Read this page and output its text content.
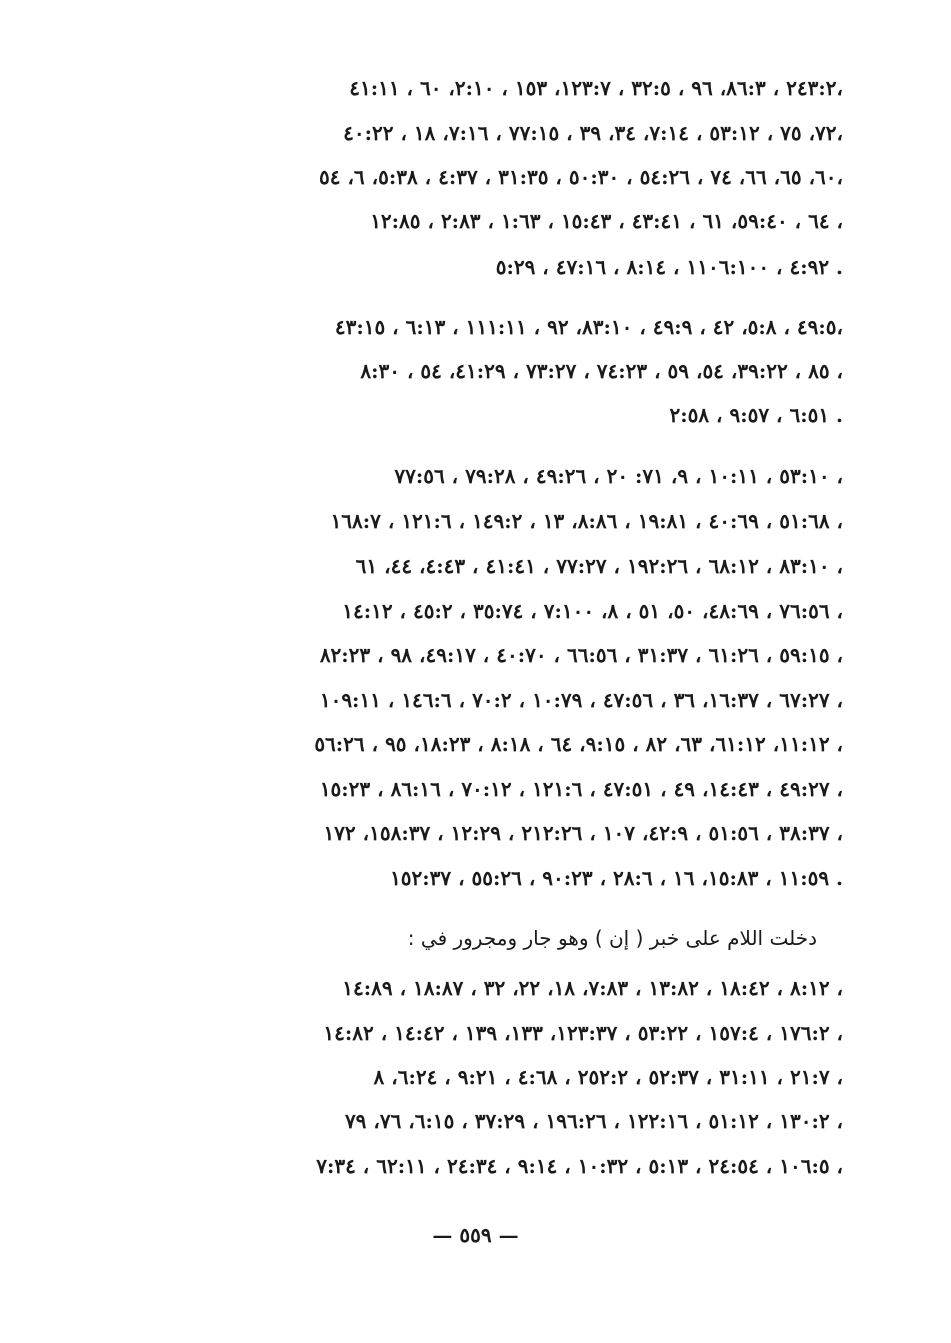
٢٤٣:٢ ، ٨٦:٣، ٩٦ ، ٣٢:٥ ، ١٢٣:٧، ١٥٣ ، ٢:١٠، ٦٠ ، ٤١:١١،
٧٢، ٧٥ ، ٥٣:١٢ ، ٧:١٤، ٣٤، ٣٩ ، ٧٧:١٥ ، ٧:١٦، ١٨ ، ٤٠:٢٢،
٦٠، ٦٥، ٦٦، ٧٤ ، ٥٤:٢٦ ، ٥٠:٣٠ ، ٣١:٣٥ ، ٤:٣٧ ، ٥:٣٨، ٦، ٥٤،
٦٤ ، ٥٩:٤٠، ٦١ ، ٤٣:٤١ ، ١٥:٤٣ ، ١:٦٣ ، ٢:٨٣ ، ١٢:٨٥ ،
٤:٩٢ ، ١١٠٦:١٠٠ ، ٨:١٤ ، ٤٧:١٦ ، ٥:٢٩ .
٤٩:٥ ، ٥:٨، ٤٢ ، ٤٩:٩ ، ٨٣:١٠، ٩٢ ، ١١١:١١ ، ٦:١٣ ، ٤٣:١٥،
٨٥ ، ٣٩:٢٢، ٥٤، ٥٩ ، ٧٤:٢٣ ، ٧٣:٢٧ ، ٤١:٢٩، ٥٤ ، ٨:٣٠ ،
٦:٥١ ، ٩:٥٧ ، ٢:٥٨ .
٥٣:١٠ ، ١٠:١١ ، ٩، ٧١: ٢٠ ، ٤٩:٢٦ ، ٧٩:٢٨ ، ٧٧:٥٦ ،
٥١:٦٨ ، ٤٠:٦٩ ، ١٩:٨١ ، ٨:٨٦، ١٣ ، ١٤٩:٢ ، ١٢١:٦ ، ١٦٨:٧ ،
٨٣:١٠ ، ٦٨:١٢ ، ١٩٢:٢٦ ، ٧٧:٢٧ ، ٤١:٤١ ، ٤:٤٣، ٤٤، ٦١ ،
٧٦:٥٦ ، ٤٨:٦٩، ٥٠، ٥١ ، ٨، ٧:١٠٠ ، ٣٥:٧٤ ، ٤٥:٢ ، ١٤:١٢ ،
٥٩:١٥ ، ٦١:٢٦ ، ٣١:٣٧ ، ٦٦:٥٦ ، ٤٠:٧٠ ، ٤٩:١٧، ٩٨ ، ٨٢:٢٣ ،
٦٧:٢٧ ، ١٦:٣٧، ٣٦ ، ٤٧:٥٦ ، ١٠:٧٩ ، ٧٠:٢ ، ١٤٦:٦ ، ١٠٩:١١ ،
١١:١٢، ٦١:١٢، ٦٣، ٨٢ ، ٩:١٥، ٦٤ ، ٨:١٨ ، ١٨:٢٣، ٩٥ ، ٥٦:٢٦ ،
٤٩:٢٧ ، ١٤:٤٣، ٤٩ ، ٤٧:٥١ ، ١٢١:٦ ، ٧٠:١٢ ، ٨٦:١٦ ، ١٥:٢٣ ،
٣٨:٣٧ ، ٥١:٥٦ ، ٤٢:٩، ١٠٧ ، ٢١٢:٢٦ ، ١٢:٢٩ ، ١٥٨:٣٧، ١٧٢ ،
١١:٥٩ ، ١٥:٨٣، ١٦ ، ٢٨:٦ ، ٩٠:٢٣ ، ٥٥:٢٦ ، ١٥٢:٣٧ .
دخلت اللام على خبر ( إن ) وهو جار ومجرور في :
٨:١٢ ، ١٨:٤٢ ، ١٣:٨٢ ، ٧:٨٣، ١٨، ٢٢، ٣٢ ، ١٨:٨٧ ، ١٤:٨٩ ،
١٧٦:٢ ، ١٥٧:٤ ، ٥٣:٢٢ ، ١٢٣:٣٧، ١٣٣، ١٣٩ ، ١٤:٤٢ ، ١٤:٨٢ ،
٢١:٧ ، ٣١:١١ ، ٥٢:٣٧ ، ٢٥٢:٢ ، ٤:٦٨ ، ٩:٢١ ، ٦:٢٤، ٨ ،
١٣٠:٢ ، ٥١:١٢ ، ١٢٢:١٦ ، ١٩٦:٢٦ ، ٣٧:٢٩ ، ٦:١٥، ٧٦، ٧٩ ،
١٠٦:٥ ، ٢٤:٥٤ ، ٥:١٣ ، ١٠:٣٢ ، ٩:١٤ ، ٢٤:٣٤ ، ٦٢:١١ ، ٧:٣٤ ،
— ٥٥٩ —
